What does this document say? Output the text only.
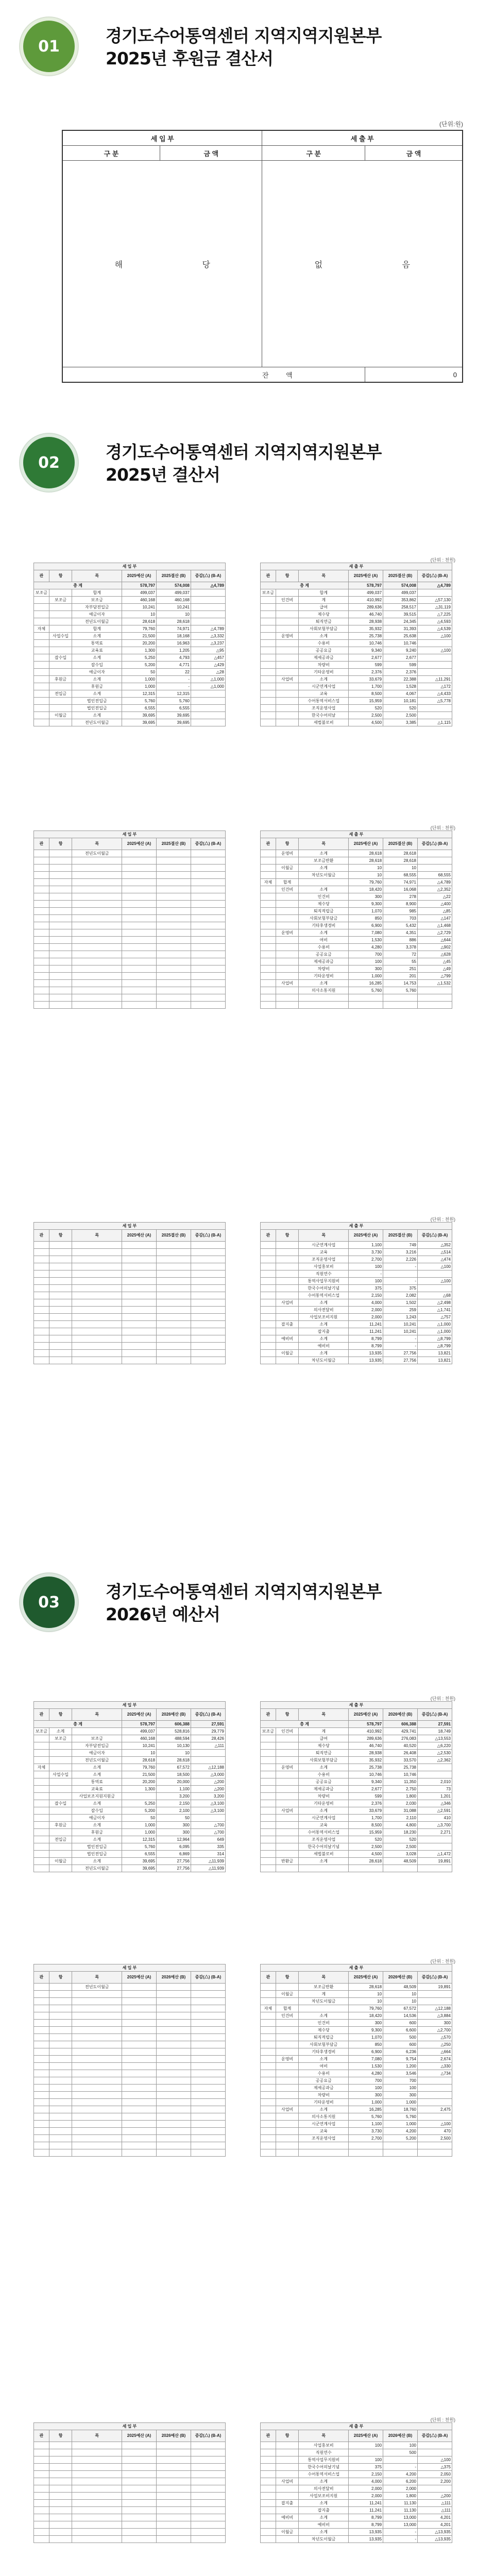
01
경기도수어통역센터 지역지역지원본부
2025년 후원금 결산서
(단위:원)
세 입 부		세 출 부	
구 분	금 액	구 분	금 액
해 당		없 음	
		잔 액	0
02
경기도수어통역센터 지역지역지원본부
2025년 결산서
(단위 : 천원)
세 입 부					
관	항	목	2025예산 (A)	2025결산 (B)	증감(△) (B-A)
총 계			578,797	574,008	△4,789
보조금		합계	499,037	499,037	
	보조금	보조금	460,168	460,168	
		자부담전입금	10,241	10,241	
		예금이자	10	10	
		전년도이월금	28,618	28,618	
자체		합계	79,760	74,971	△4,789
	사업수입	소계	21,500	18,168	△3,332
		통역료	20,200	16,963	△3,237
		교육료	1,300	1,205	△95
	잡수입	소계	5,250	4,793	△457
		잡수입	5,200	4,771	△429
		예금이자	50	22	△28
	후원금	소계	1,000	-	△1,000
		후원금	1,000	-	△1,000
	전입금	소계	12,315	12,315	
		법인전입금	5,760	5,760	
		법인전입금	6,555	6,555	
	이월금	소계	39,695	39,695	
		전년도이월금	39,695	39,695	
세 출 부					
관	항	목	2025예산 (A)	2025결산 (B)	증감(△) (B-A)
총 계			578,797	574,008	△4,789
보조금		합계	499,037	499,037	
	인건비	계	410,992	353,862	△57,130
		급여	289,636	258,517	△31,119
		제수당	46,740	39,515	△7,225
		퇴직연금	28,938	24,345	△4,593
		사회보험부담금	35,932	31,393	△4,539
	운영비	소계	25,738	25,638	△100
		수용비	10,746	10,746	
		공공요금	9,340	9,240	△100
		제세공과금	2,677	2,677	
		차량비	599	599	
		기타운영비	2,376	2,376	
	사업비	소계	33,679	22,388	△11,291
		시군연계사업	1,700	1,528	△172
		교육	8,500	4,067	△4,433
		수어통역서비스업	15,959	10,181	△5,778
		조직운영사업	520	520	
		한국수어의날	2,500	2,500	
		세법불로비	4,500	3,385	△1,115
(단위 : 천원)
세 입 부					
관	항	목	2025예산 (A)	2025결산 (B)	증감(△) (B-A)
		전년도이월금			

세 출 부					
관	항	목	2025예산 (A)	2025결산 (B)	증감(△) (B-A)
	운영비	소계	28,618	28,618	
		보조금반환	28,618	28,618	
	이월금	소계	10	10	
		차년도이월금	10	68,555	68,555
자체	합계		79,760	74,971	△4,789
	인건비	소계	18,420	16,068	△2,352
		인건비	300	278	△22
		제수당	9,300	8,900	△400
		퇴직적립금	1,070	985	△85
		사회보험부담금	850	703	△147
		기타후생경비	6,900	5,432	△1,468
	운영비	소계	7,080	4,351	△2,729
		여비	1,530	886	△644
		수용비	4,280	3,378	△902
		공공요금	700	72	△628
		제세공과금	100	55	△45
		차량비	300	251	△49
		기타운영비	1,000	201	△799
	사업비	소계	16,285	14,753	△1,532
		의사소통지원	5,760	5,760	

(단위 : 천원)
세 입 부					
관	항	목	2025예산 (A)	2025결산 (B)	증감(△) (B-A)

세 출 부					
관	항	목	2025예산 (A)	2025결산 (B)	증감(△) (B-A)
		시군연계사업	1,100	749	△352
		교육	3,730	3,216	△514
		조직운영사업	2,700	2,226	△474
		사업홍보비	100	-	△100
		직원연수	-		
		통역사업무지원비	100	-	△100
		한국수어의날기념	375	375	
		수어통역서비스업	2,150	2,082	△68
	사업비	소계	4,000	1,502	△2,498
		의사전달비	2,000	259	△1,741
		사업보조비지원	2,000	1,243	△757
	잡지출	소계	11,241	10,241	△1,000
		잡지출	11,241	10,241	△1,000
	예비비	소계	8,799	-	△8,799
		예비비	8,799	-	△8,799
	이월금	소계	13,935	27,756	13,821
		차년도이월금	13,935	27,756	13,821
(단위 : 천원)
세 입 부					
관	항	목	2025예산 (A)	2026예산 (B)	증감(△) (B-A)
총 계			578,797	606,388	27,591
보조금	소계		499,037	528,816	29,779
	보조금	보조금	460,168	488,594	28,426
		자부담전입금	10,241	10,130	△111
		예금이자	10	10	
		전년도이월금	28,618	28,618	
자체		소계	79,760	67,572	△12,188
	사업수입	소계	21,500	18,500	△3,000
		통역료	20,200	20,000	△200
		교육료	1,300	1,100	△200
		사업보조지원지원금		3,200	3,200
	잡수입	소계	5,250	2,150	△3,100
		잡수입	5,200	2,100	△3,100
		예금이자	50	50	
	후원금	소계	1,000	300	△700
		후원금	1,000	300	△700
	전입금	소계	12,315	12,964	649
		법인전입금	5,760	6,095	335
		법인전입금	6,555	6,869	314
	이월금	소계	39,695	27,756	△11,939
		전년도이월금	39,695	27,756	△11,939
세 출 부					
관	항	목	2025예산 (A)	2026예산 (B)	증감(△) (B-A)
총 계			578,797	606,388	27,591
보조금	인건비	계	410,992	429,741	18,749
		급여	289,636	276,083	△13,553
		제수당	46,740	40,520	△6,220
		퇴직연금	28,938	26,408	△2,530
		사회보험부담금	35,932	33,570	△2,362
	운영비	소계	25,738	25,738	
		수용비	10,746	10,746	
		공공요금	9,340	11,350	2,010
		제세공과금	2,677	2,750	73
		차량비	599	1,800	1,201
		기타운영비	2,376	2,030	△346
	사업비	소계	33,679	31,088	△2,591
		시군연계사업	1,700	2,110	410
		교육	8,500	4,800	△3,700
		수어통역서비스업	15,959	18,230	2,271
		조직운영사업	520	520	
		한국수어의날기념	2,500	2,500	
		세법불로비	4,500	3,028	△1,472
	반환금	소계	28,618	48,509	19,891

(단위 : 천원)
세 입 부					
관	항	목	2025예산 (A)	2026예산 (B)	증감(△) (B-A)
		전년도이월금			

세 출 부					
관	항	목	2025예산 (A)	2026예산 (B)	증감(△) (B-A)
		보조금반환	28,618	48,509	19,891
	이월금	계	10	10	
		차년도이월금	10	10	
자체	합계		79,760	67,572	△12,188
	인건비	소계	18,420	14,536	△3,884
		인건비	300	600	300
		제수당	9,300	6,600	△2,700
		퇴직적립금	1,070	500	△570
		사회보험부담금	850	600	△250
		기타후생경비	6,900	6,236	△664
	운영비	소계	7,080	9,754	2,674
		여비	1,530	1,200	△330
		수용비	4,280	3,546	△734
		공공요금	700	700	
		제세공과금	100	100	
		차량비	300	300	
		기타운영비	1,000	1,000	
	사업비	소계	16,285	18,760	2,475
		의사소통지원	5,760	5,760	
		시군연계사업	1,100	1,000	△100
		교육	3,730	4,200	470
		조직운영사업	2,700	5,200	2,500

(단위 : 천원)
세 입 부					
관	항	목	2025예산 (A)	2026예산 (B)	증감(△) (B-A)

세 출 부					
관	항	목	2025예산 (A)	2026예산 (B)	증감(△) (B-A)
		사업홍보비	100	100	
		직원연수		500	
		통역사업무지원비	100		△100
		한국수어의날기념	375	-	△375
		수어통역서비스업	2,150	4,200	2,050
	사업비	소계	4,000	6,200	2,200
		의사전달비	2,000	2,000	
		사업보조비지원	2,000	1,800	△200
	잡지출	소계	11,241	11,130	△111
		잡지출	11,241	11,130	△111
	예비비	소계	8,799	13,000	4,201
		예비비	8,799	13,000	4,201
	이월금	소계	13,935	-	△13,935
		차년도이월금	13,935	-	△13,935
03
경기도수어통역센터 지역지역지원본부
2026년 예산서
